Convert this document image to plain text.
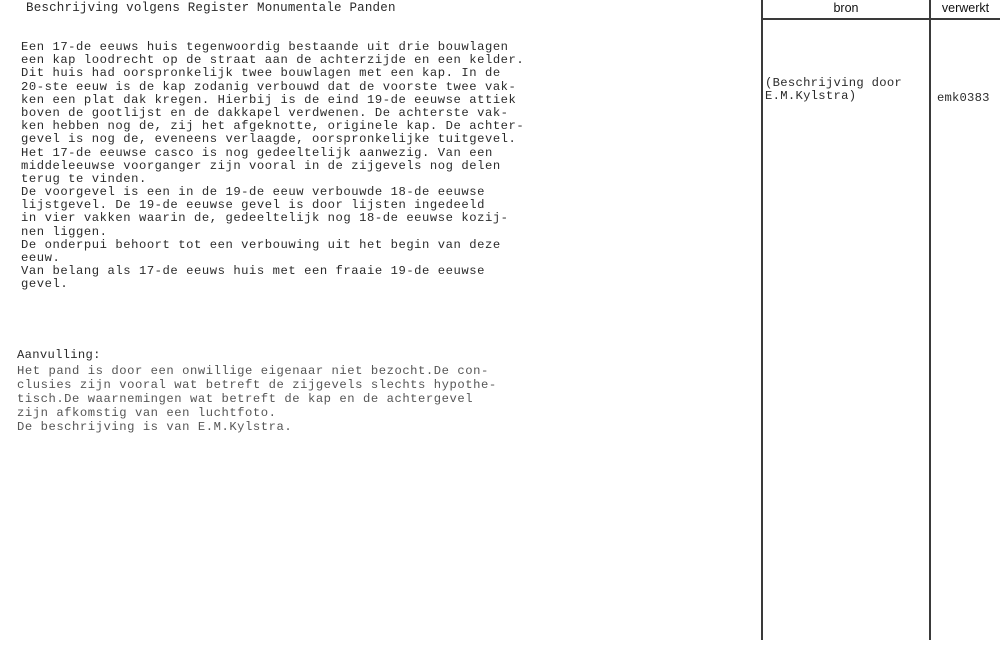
Beschrijving volgens Register Monumentale Panden
Een 17-de eeuws huis tegenwoordig bestaande uit drie bouwlagen
een kap loodrecht op de straat aan de achterzijde en een kelder.
Dit huis had oorspronkelijk twee bouwlagen met een kap. In de
20-ste eeuw is de kap zodanig verbouwd dat de voorste twee vak-
ken een plat dak kregen. Hierbij is de eind 19-de eeuwse attiek
boven de gootlijst en de dakkapel verdwenen. De achterste vak-
ken hebben nog de, zij het afgeknotte, originele kap. De achter-
gevel is nog de, eveneens verlaagde, oorspronkelijke tuitgevel.
Het 17-de eeuwse casco is nog gedeeltelijk aanwezig. Van een
middeleeuwse voorganger zijn vooral in de zijgevels nog delen
terug te vinden.
De voorgevel is een in de 19-de eeuw verbouwde 18-de eeuwse
lijstgevel. De 19-de eeuwse gevel is door lijsten ingedeeld
in vier vakken waarin de, gedeeltelijk nog 18-de eeuwse kozij-
nen liggen.
De onderpui behoort tot een verbouwing uit het begin van deze
eeuw.
Van belang als 17-de eeuws huis met een fraaie 19-de eeuwse
gevel.
Aanvulling:
Het pand is door een onwillige eigenaar niet bezocht.De con-
clusies zijn vooral wat betreft de zijgevels slechts hypothe-
tisch.De waarnemingen wat betreft de kap en de achtergevel
zijn afkomstig van een luchtfoto.
De beschrijving is van E.M.Kylstra.
bron	verwerkt
(Beschrijving door
E.M.Kylstra)	emk0383
